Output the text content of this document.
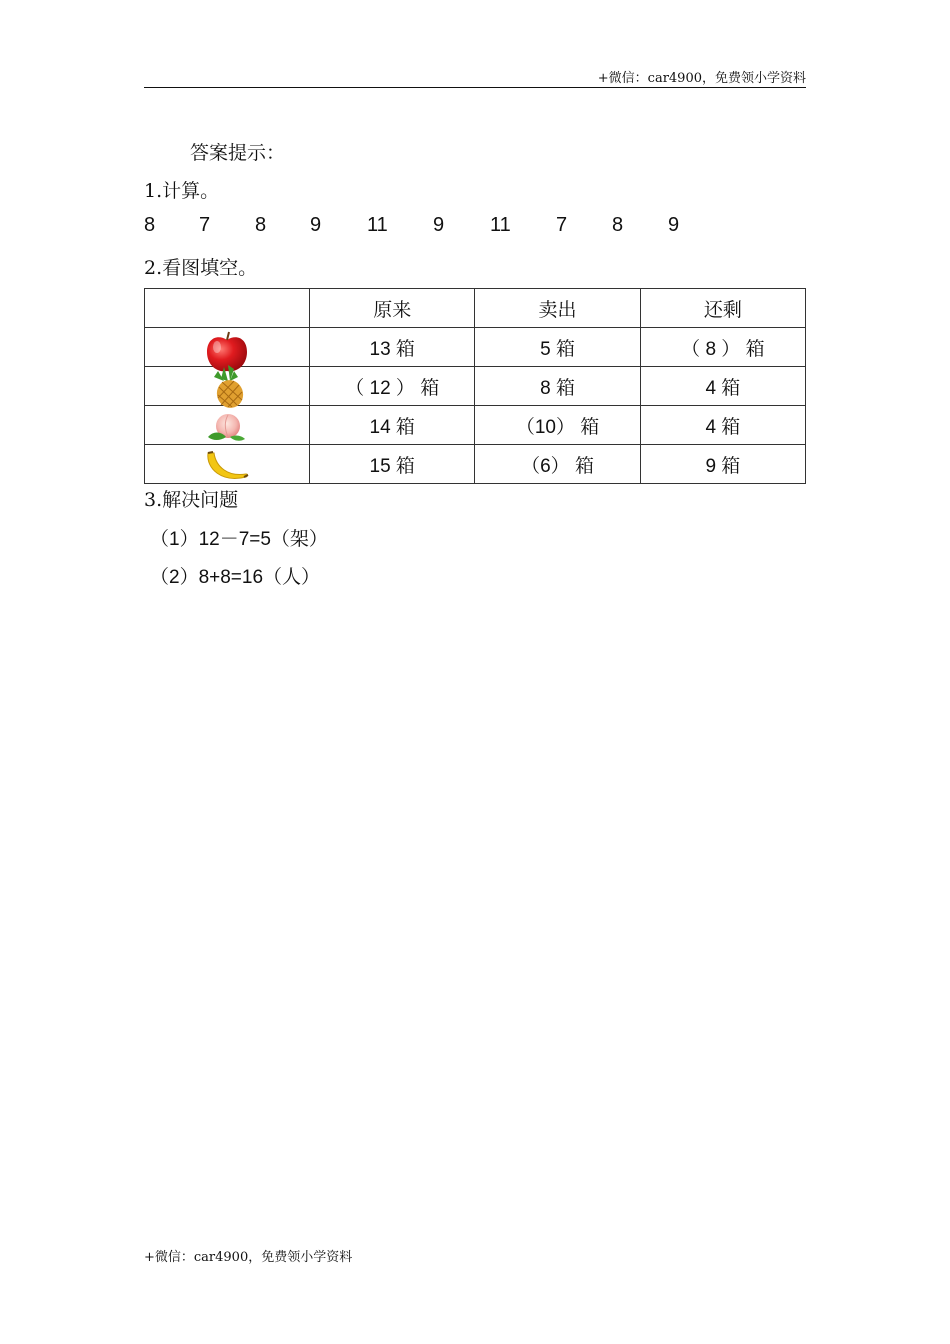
+微信：car4900，免费领小学资料
答案提示：
1.计算。
8 7 8 9 11 9 11 7 8 9
2.看图填空。
	原来	卖出	还剩

	13 箱	5 箱	（ 8 ） 箱

	（ 12 ） 箱	8 箱	4 箱

	14 箱	（10） 箱	4 箱

	15 箱	（6） 箱	9 箱
3.解决问题
（1）12－7=5（架）
（2）8+8=16（人）
+微信：car4900，免费领小学资料
